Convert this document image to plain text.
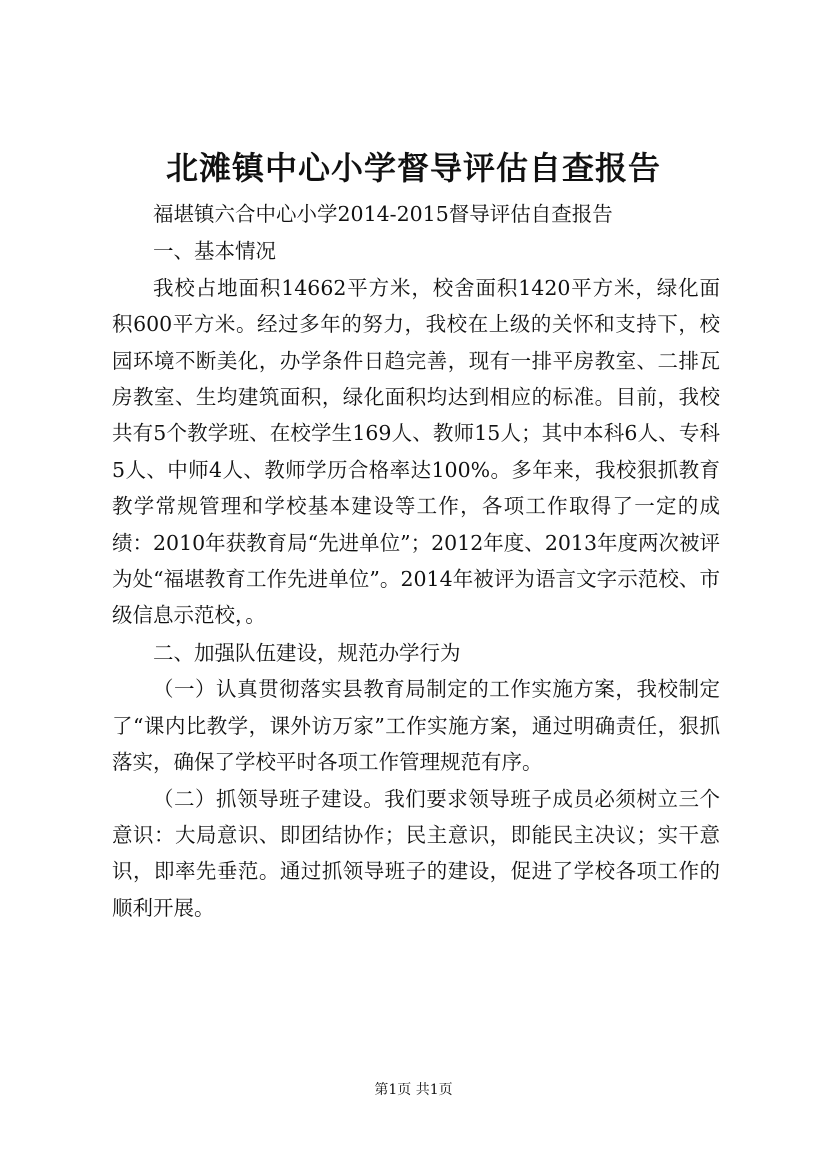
北滩镇中心小学督导评估自查报告

福堪镇六合中心小学2014-2015督导评估自查报告

一、基本情况

我校占地面积14662平方米，校舍面积1420平方米，绿化面积600平方米。经过多年的努力，我校在上级的关怀和支持下，校园环境不断美化，办学条件日趋完善，现有一排平房教室、二排瓦房教室、生均建筑面积，绿化面积均达到相应的标准。目前，我校共有5个教学班、在校学生169人、教师15人；其中本科6人、专科5人、中师4人、教师学历合格率达100%。多年来，我校狠抓教育教学常规管理和学校基本建设等工作，各项工作取得了一定的成绩：2010年获教育局“先进单位”；2012年度、2013年度两次被评为处“福堪教育工作先进单位”。2014年被评为语言文字示范校、市级信息示范校，。

二、加强队伍建设，规范办学行为

（一）认真贯彻落实县教育局制定的工作实施方案，我校制定了“课内比教学，课外访万家”工作实施方案，通过明确责任，狠抓落实，确保了学校平时各项工作管理规范有序。

（二）抓领导班子建设。我们要求领导班子成员必须树立三个意识：大局意识、即团结协作；民主意识，即能民主决议；实干意识，即率先垂范。通过抓领导班子的建设，促进了学校各项工作的顺利开展。

第1页 共1页
